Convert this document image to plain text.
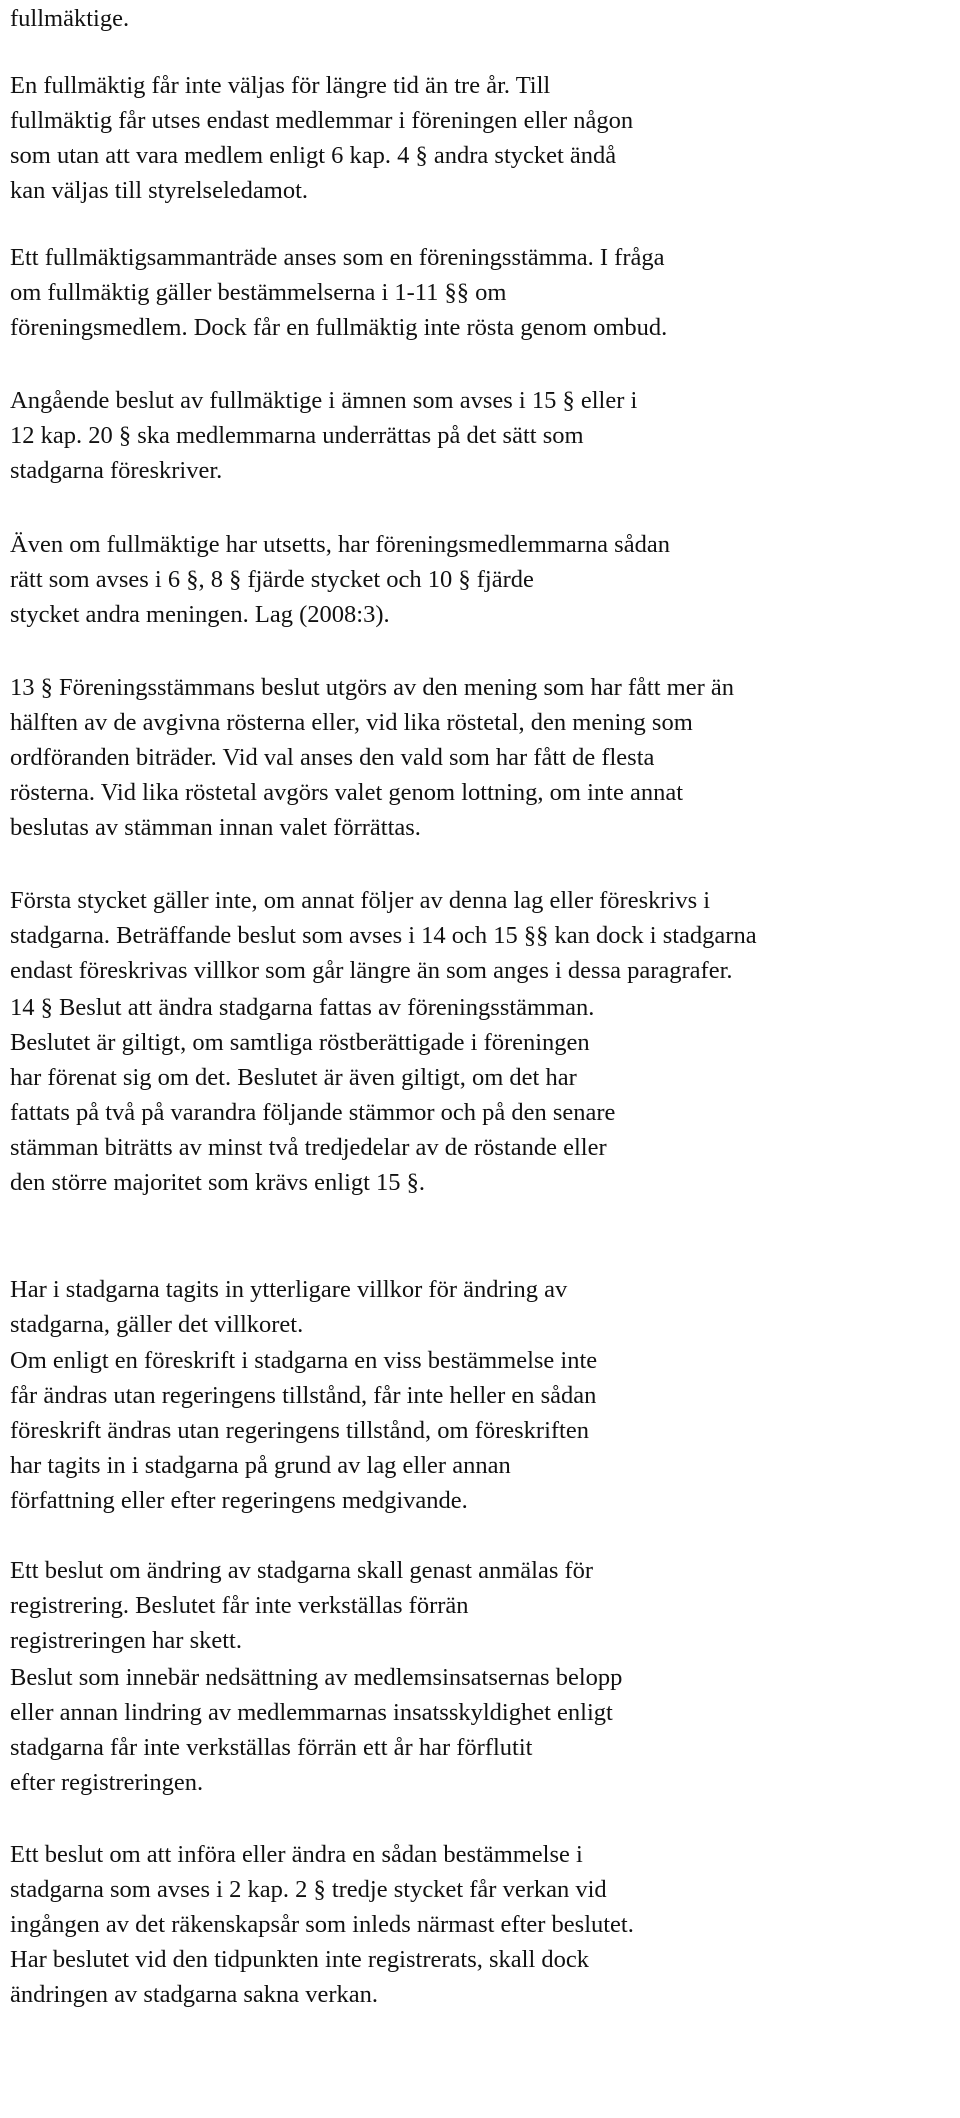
fullmäktige.

En fullmäktig får inte väljas för längre tid än tre år. Till
fullmäktig får utses endast medlemmar i föreningen eller någon
som utan att vara medlem enligt 6 kap. 4 § andra stycket ändå
kan väljas till styrelseledamot.

Ett fullmäktigsammanträde anses som en föreningsstämma. I fråga
om fullmäktig gäller bestämmelserna i 1-11 §§ om
föreningsmedlem. Dock får en fullmäktig inte rösta genom ombud.

Angående beslut av fullmäktige i ämnen som avses i 15 § eller i
12 kap. 20 § ska medlemmarna underrättas på det sätt som
stadgarna föreskriver.

Även om fullmäktige har utsetts, har föreningsmedlemmarna sådan
rätt som avses i 6 §, 8 § fjärde stycket och 10 § fjärde
stycket andra meningen. Lag (2008:3).

13 § Föreningsstämmans beslut utgörs av den mening som har fått mer än
hälften av de avgivna rösterna eller, vid lika röstetal, den mening som
ordföranden biträder. Vid val anses den vald som har fått de flesta
rösterna. Vid lika röstetal avgörs valet genom lottning, om inte annat
beslutas av stämman innan valet förrättas.

Första stycket gäller inte, om annat följer av denna lag eller föreskrivs i
stadgarna. Beträffande beslut som avses i 14 och 15 §§ kan dock i stadgarna
endast föreskrivas villkor som går längre än som anges i dessa paragrafer.

14 § Beslut att ändra stadgarna fattas av föreningsstämman.
Beslutet är giltigt, om samtliga röstberättigade i föreningen
har förenat sig om det. Beslutet är även giltigt, om det har
fattats på två på varandra följande stämmor och på den senare
stämman biträtts av minst två tredjedelar av de röstande eller
den större majoritet som krävs enligt 15 §.

Har i stadgarna tagits in ytterligare villkor för ändring av
stadgarna, gäller det villkoret.

Om enligt en föreskrift i stadgarna en viss bestämmelse inte
får ändras utan regeringens tillstånd, får inte heller en sådan
föreskrift ändras utan regeringens tillstånd, om föreskriften
har tagits in i stadgarna på grund av lag eller annan
författning eller efter regeringens medgivande.

Ett beslut om ändring av stadgarna skall genast anmälas för
registrering. Beslutet får inte verkställas förrän
registreringen har skett.

Beslut som innebär nedsättning av medlemsinsatsernas belopp
eller annan lindring av medlemmarnas insatsskyldighet enligt
stadgarna får inte verkställas förrän ett år har förflutit
efter registreringen.

Ett beslut om att införa eller ändra en sådan bestämmelse i
stadgarna som avses i 2 kap. 2 § tredje stycket får verkan vid
ingången av det räkenskapsår som inleds närmast efter beslutet.
Har beslutet vid den tidpunkten inte registrerats, skall dock
ändringen av stadgarna sakna verkan.
